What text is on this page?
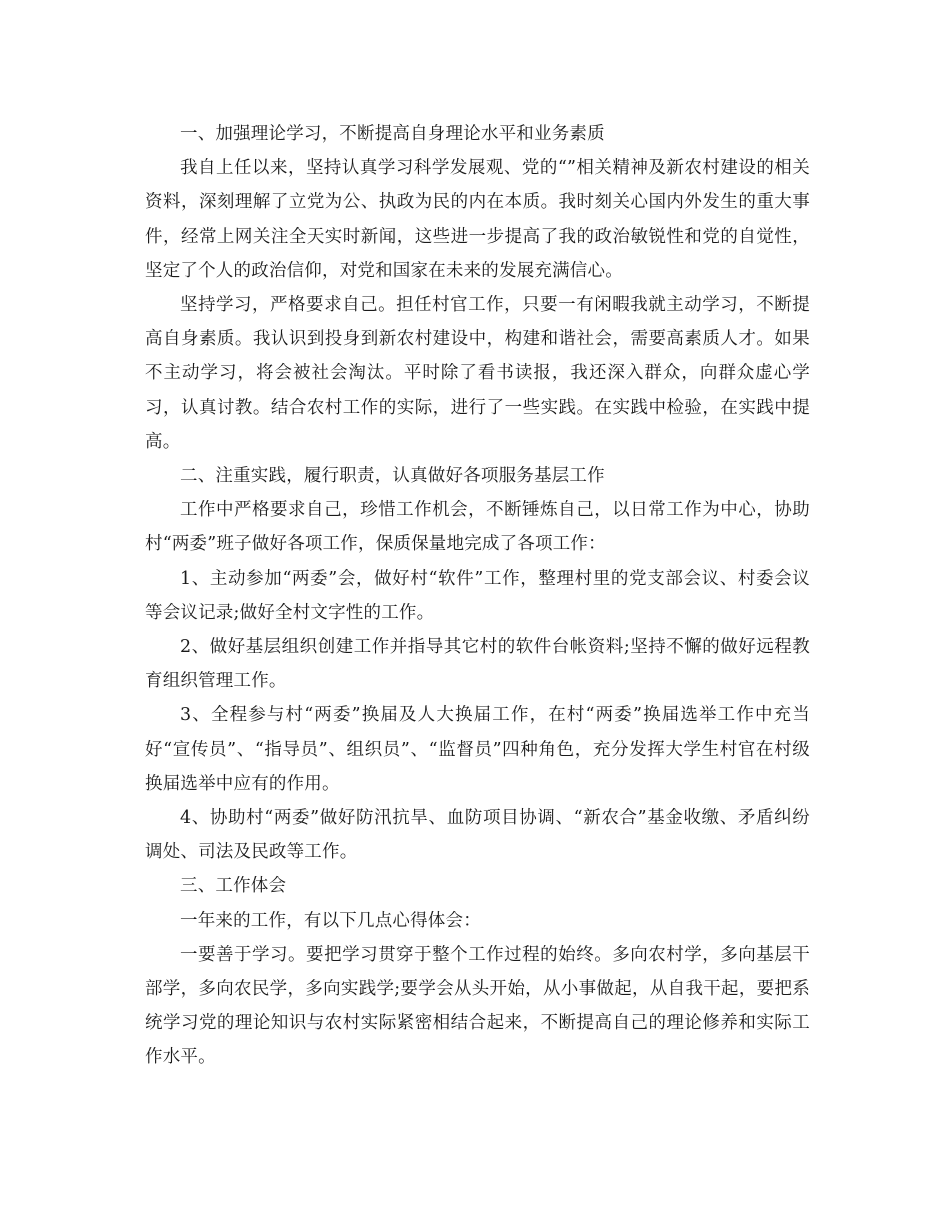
一、加强理论学习，不断提高自身理论水平和业务素质

我自上任以来，坚持认真学习科学发展观、党的“”相关精神及新农村建设的相关资料，深刻理解了立党为公、执政为民的内在本质。我时刻关心国内外发生的重大事件，经常上网关注全天实时新闻，这些进一步提高了我的政治敏锐性和党的自觉性，坚定了个人的政治信仰，对党和国家在未来的发展充满信心。

坚持学习，严格要求自己。担任村官工作，只要一有闲暇我就主动学习，不断提高自身素质。我认识到投身到新农村建设中，构建和谐社会，需要高素质人才。如果不主动学习，将会被社会淘汰。平时除了看书读报，我还深入群众，向群众虚心学习，认真讨教。结合农村工作的实际，进行了一些实践。在实践中检验，在实践中提高。

二、注重实践，履行职责，认真做好各项服务基层工作

工作中严格要求自己，珍惜工作机会，不断锤炼自己，以日常工作为中心，协助村“两委”班子做好各项工作，保质保量地完成了各项工作：

1、主动参加“两委”会，做好村“软件”工作，整理村里的党支部会议、村委会议等会议记录;做好全村文字性的工作。

2、做好基层组织创建工作并指导其它村的软件台帐资料;坚持不懈的做好远程教育组织管理工作。

3、全程参与村“两委”换届及人大换届工作，在村“两委”换届选举工作中充当好“宣传员”、“指导员”、组织员”、“监督员”四种角色，充分发挥大学生村官在村级换届选举中应有的作用。

4、协助村“两委”做好防汛抗旱、血防项目协调、“新农合”基金收缴、矛盾纠纷调处、司法及民政等工作。

三、工作体会

一年来的工作，有以下几点心得体会：

一要善于学习。要把学习贯穿于整个工作过程的始终。多向农村学，多向基层干部学，多向农民学，多向实践学;要学会从头开始，从小事做起，从自我干起，要把系统学习党的理论知识与农村实际紧密相结合起来，不断提高自己的理论修养和实际工作水平。
